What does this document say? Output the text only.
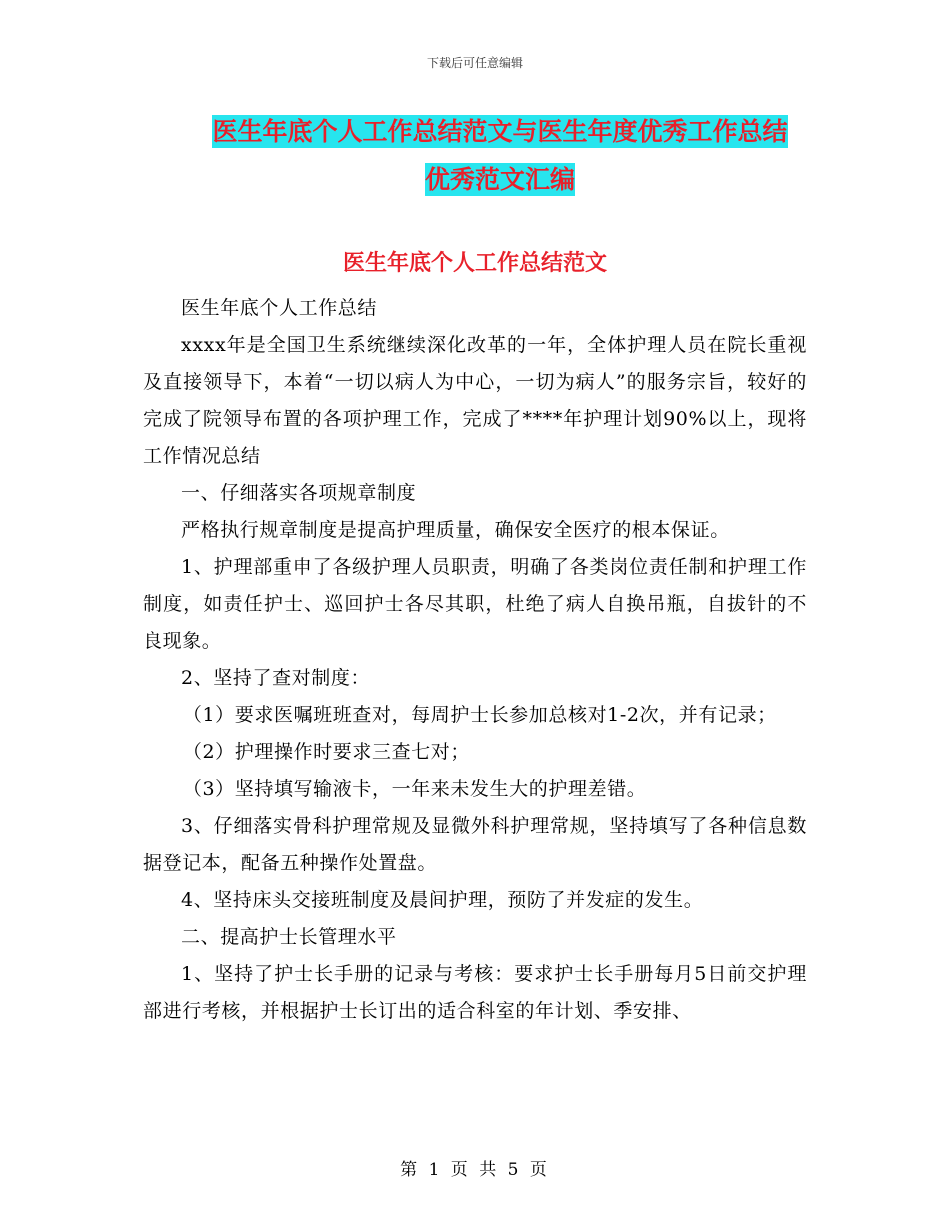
下载后可任意编辑
医生年底个人工作总结范文与医生年度优秀工作总结
优秀范文汇编
医生年底个人工作总结范文

医生年底个人工作总结

xxxx年是全国卫生系统继续深化改革的一年，全体护理人员在院长重视及直接领导下，本着“一切以病人为中心，一切为病人”的服务宗旨，较好的完成了院领导布置的各项护理工作，完成了****年护理计划90%以上，现将工作情况总结

一、仔细落实各项规章制度

严格执行规章制度是提高护理质量，确保安全医疗的根本保证。

1、护理部重申了各级护理人员职责，明确了各类岗位责任制和护理工作制度，如责任护士、巡回护士各尽其职，杜绝了病人自换吊瓶，自拔针的不良现象。

2、坚持了查对制度：

（1）要求医嘱班班查对，每周护士长参加总核对1-2次，并有记录；

（2）护理操作时要求三查七对；

（3）坚持填写输液卡，一年来未发生大的护理差错。

3、仔细落实骨科护理常规及显微外科护理常规，坚持填写了各种信息数据登记本，配备五种操作处置盘。

4、坚持床头交接班制度及晨间护理，预防了并发症的发生。

二、提高护士长管理水平

1、坚持了护士长手册的记录与考核：要求护士长手册每月5日前交护理部进行考核，并根据护士长订出的适合科室的年计划、季安排、

第 1 页 共 5 页
